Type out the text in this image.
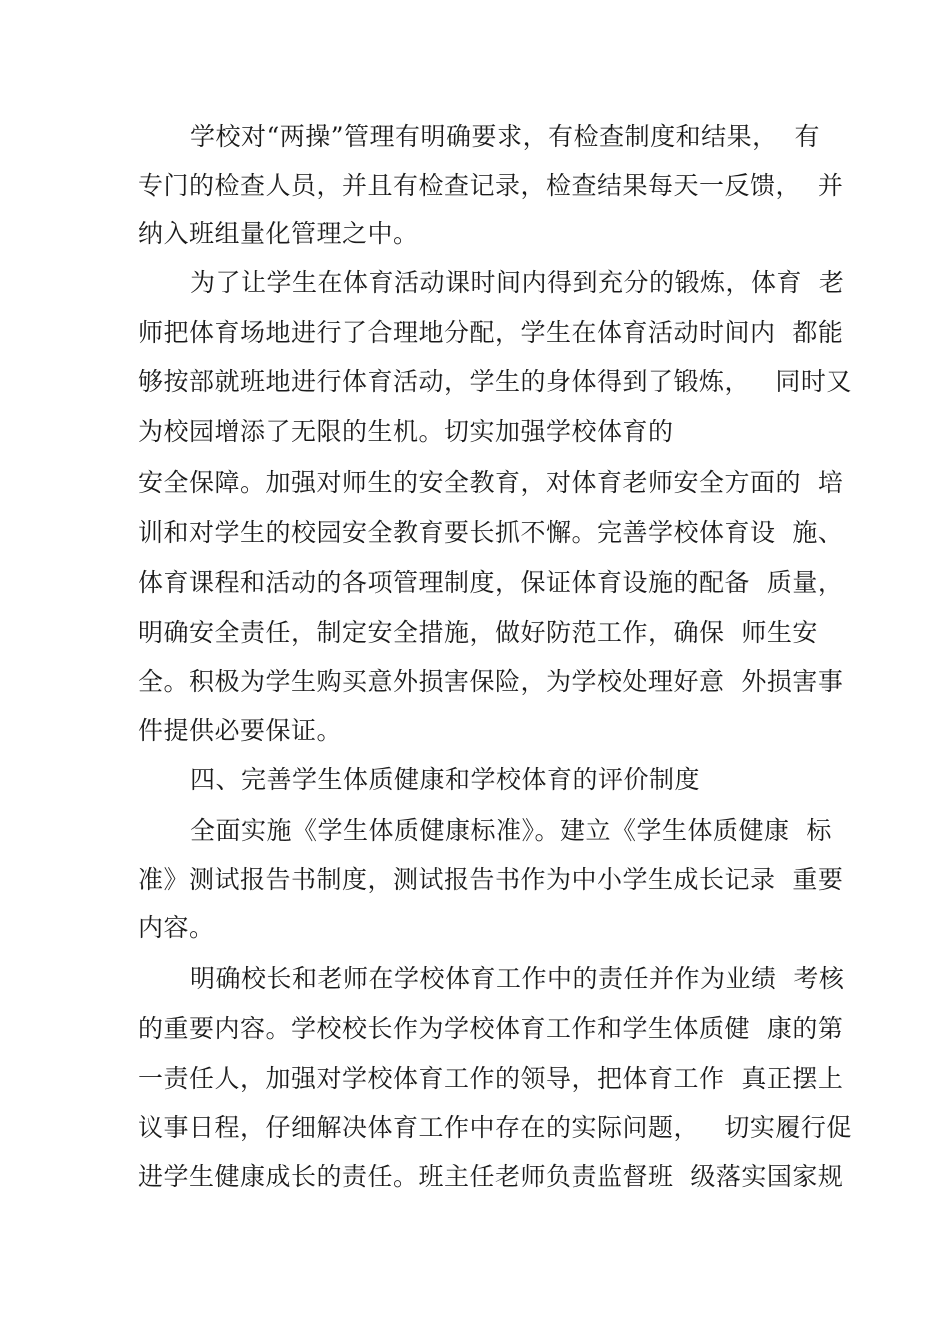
学校对“两操”管理有明确要求，有检查制度和结果，  有
专门的检查人员，并且有检查记录，检查结果每天一反馈，  并
纳入班组量化管理之中。
为了让学生在体育活动课时间内得到充分的锻炼，体育  老
师把体育场地进行了合理地分配，学生在体育活动时间内  都能
够按部就班地进行体育活动，学生的身体得到了锻炼，   同时又
为校园增添了无限的生机。切实加强学校体育的
安全保障。加强对师生的安全教育，对体育老师安全方面的  培
训和对学生的校园安全教育要长抓不懈。完善学校体育设  施、
体育课程和活动的各项管理制度，保证体育设施的配备  质量，
明确安全责任，制定安全措施，做好防范工作，确保  师生安
全。积极为学生购买意外损害保险，为学校处理好意  外损害事
件提供必要保证。
四、完善学生体质健康和学校体育的评价制度
全面实施《学生体质健康标准》。建立《学生体质健康  标
准》测试报告书制度，测试报告书作为中小学生成长记录  重要
内容。
明确校长和老师在学校体育工作中的责任并作为业绩  考核
的重要内容。学校校长作为学校体育工作和学生体质健  康的第
一责任人，加强对学校体育工作的领导，把体育工作  真正摆上
议事日程，仔细解决体育工作中存在的实际问题，   切实履行促
进学生健康成长的责任。班主任老师负责监督班  级落实国家规
